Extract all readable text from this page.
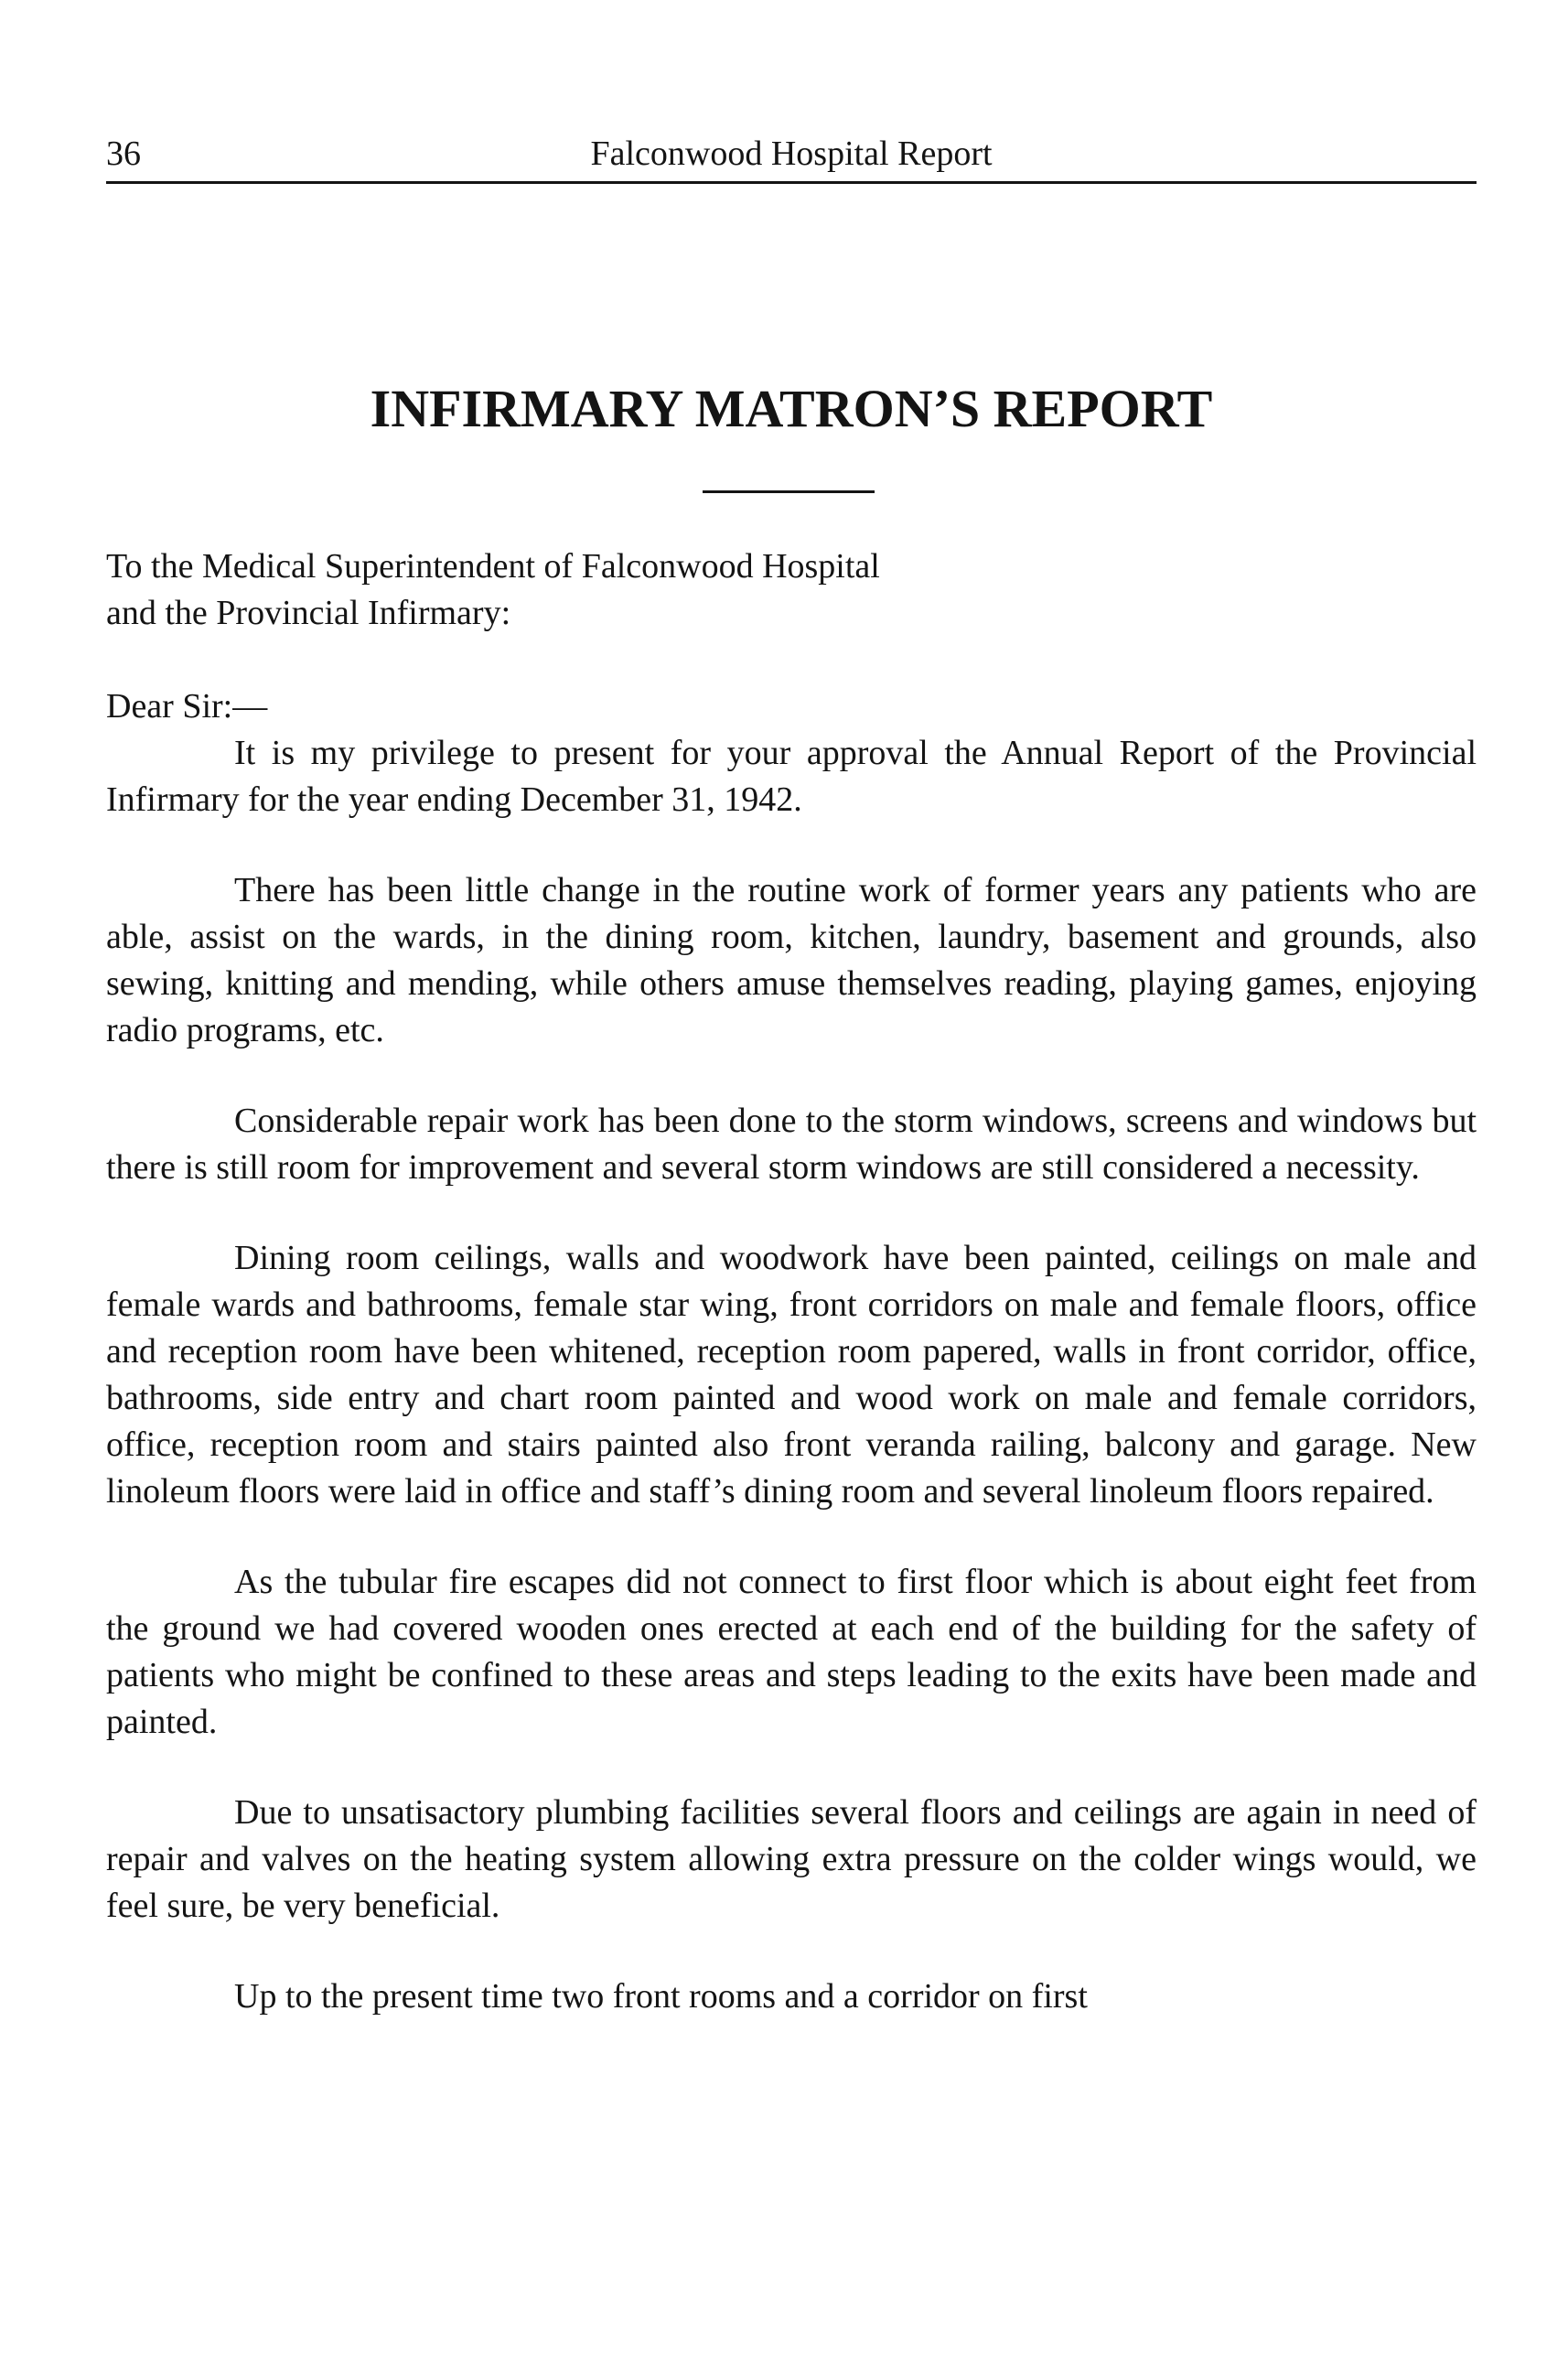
36	Falconwood Hospital Report
INFIRMARY MATRON’S REPORT

To the Medical Superintendent of Falconwood Hospital

and the Provincial Infirmary:

Dear Sir:—

It is my privilege to present for your approval the Annual Report of the Provincial Infirmary for the year ending December 31, 1942.

There has been little change in the routine work of former years any patients who are able, assist on the wards, in the dining room, kitchen, laundry, basement and grounds, also sewing, knitting and mending, while others amuse themselves reading, playing games, enjoying radio programs, etc.

Considerable repair work has been done to the storm windows, screens and windows but there is still room for improvement and several storm windows are still considered a necessity.

Dining room ceilings, walls and woodwork have been painted, ceilings on male and female wards and bathrooms, female star wing, front corridors on male and female floors, office and reception room have been whitened, reception room papered, walls in front corridor, office, bathrooms, side entry and chart room painted and wood work on male and female corridors, office, reception room and stairs painted also front veranda railing, balcony and garage. New linoleum floors were laid in office and staff’s dining room and several linoleum floors repaired.

As the tubular fire escapes did not connect to first floor which is about eight feet from the ground we had covered wooden ones erected at each end of the building for the safety of patients who might be confined to these areas and steps leading to the exits have been made and painted.

Due to unsatisactory plumbing facilities several floors and ceilings are again in need of repair and valves on the heating system allowing extra pressure on the colder wings would, we feel sure, be very beneficial.

Up to the present time two front rooms and a corridor on first
